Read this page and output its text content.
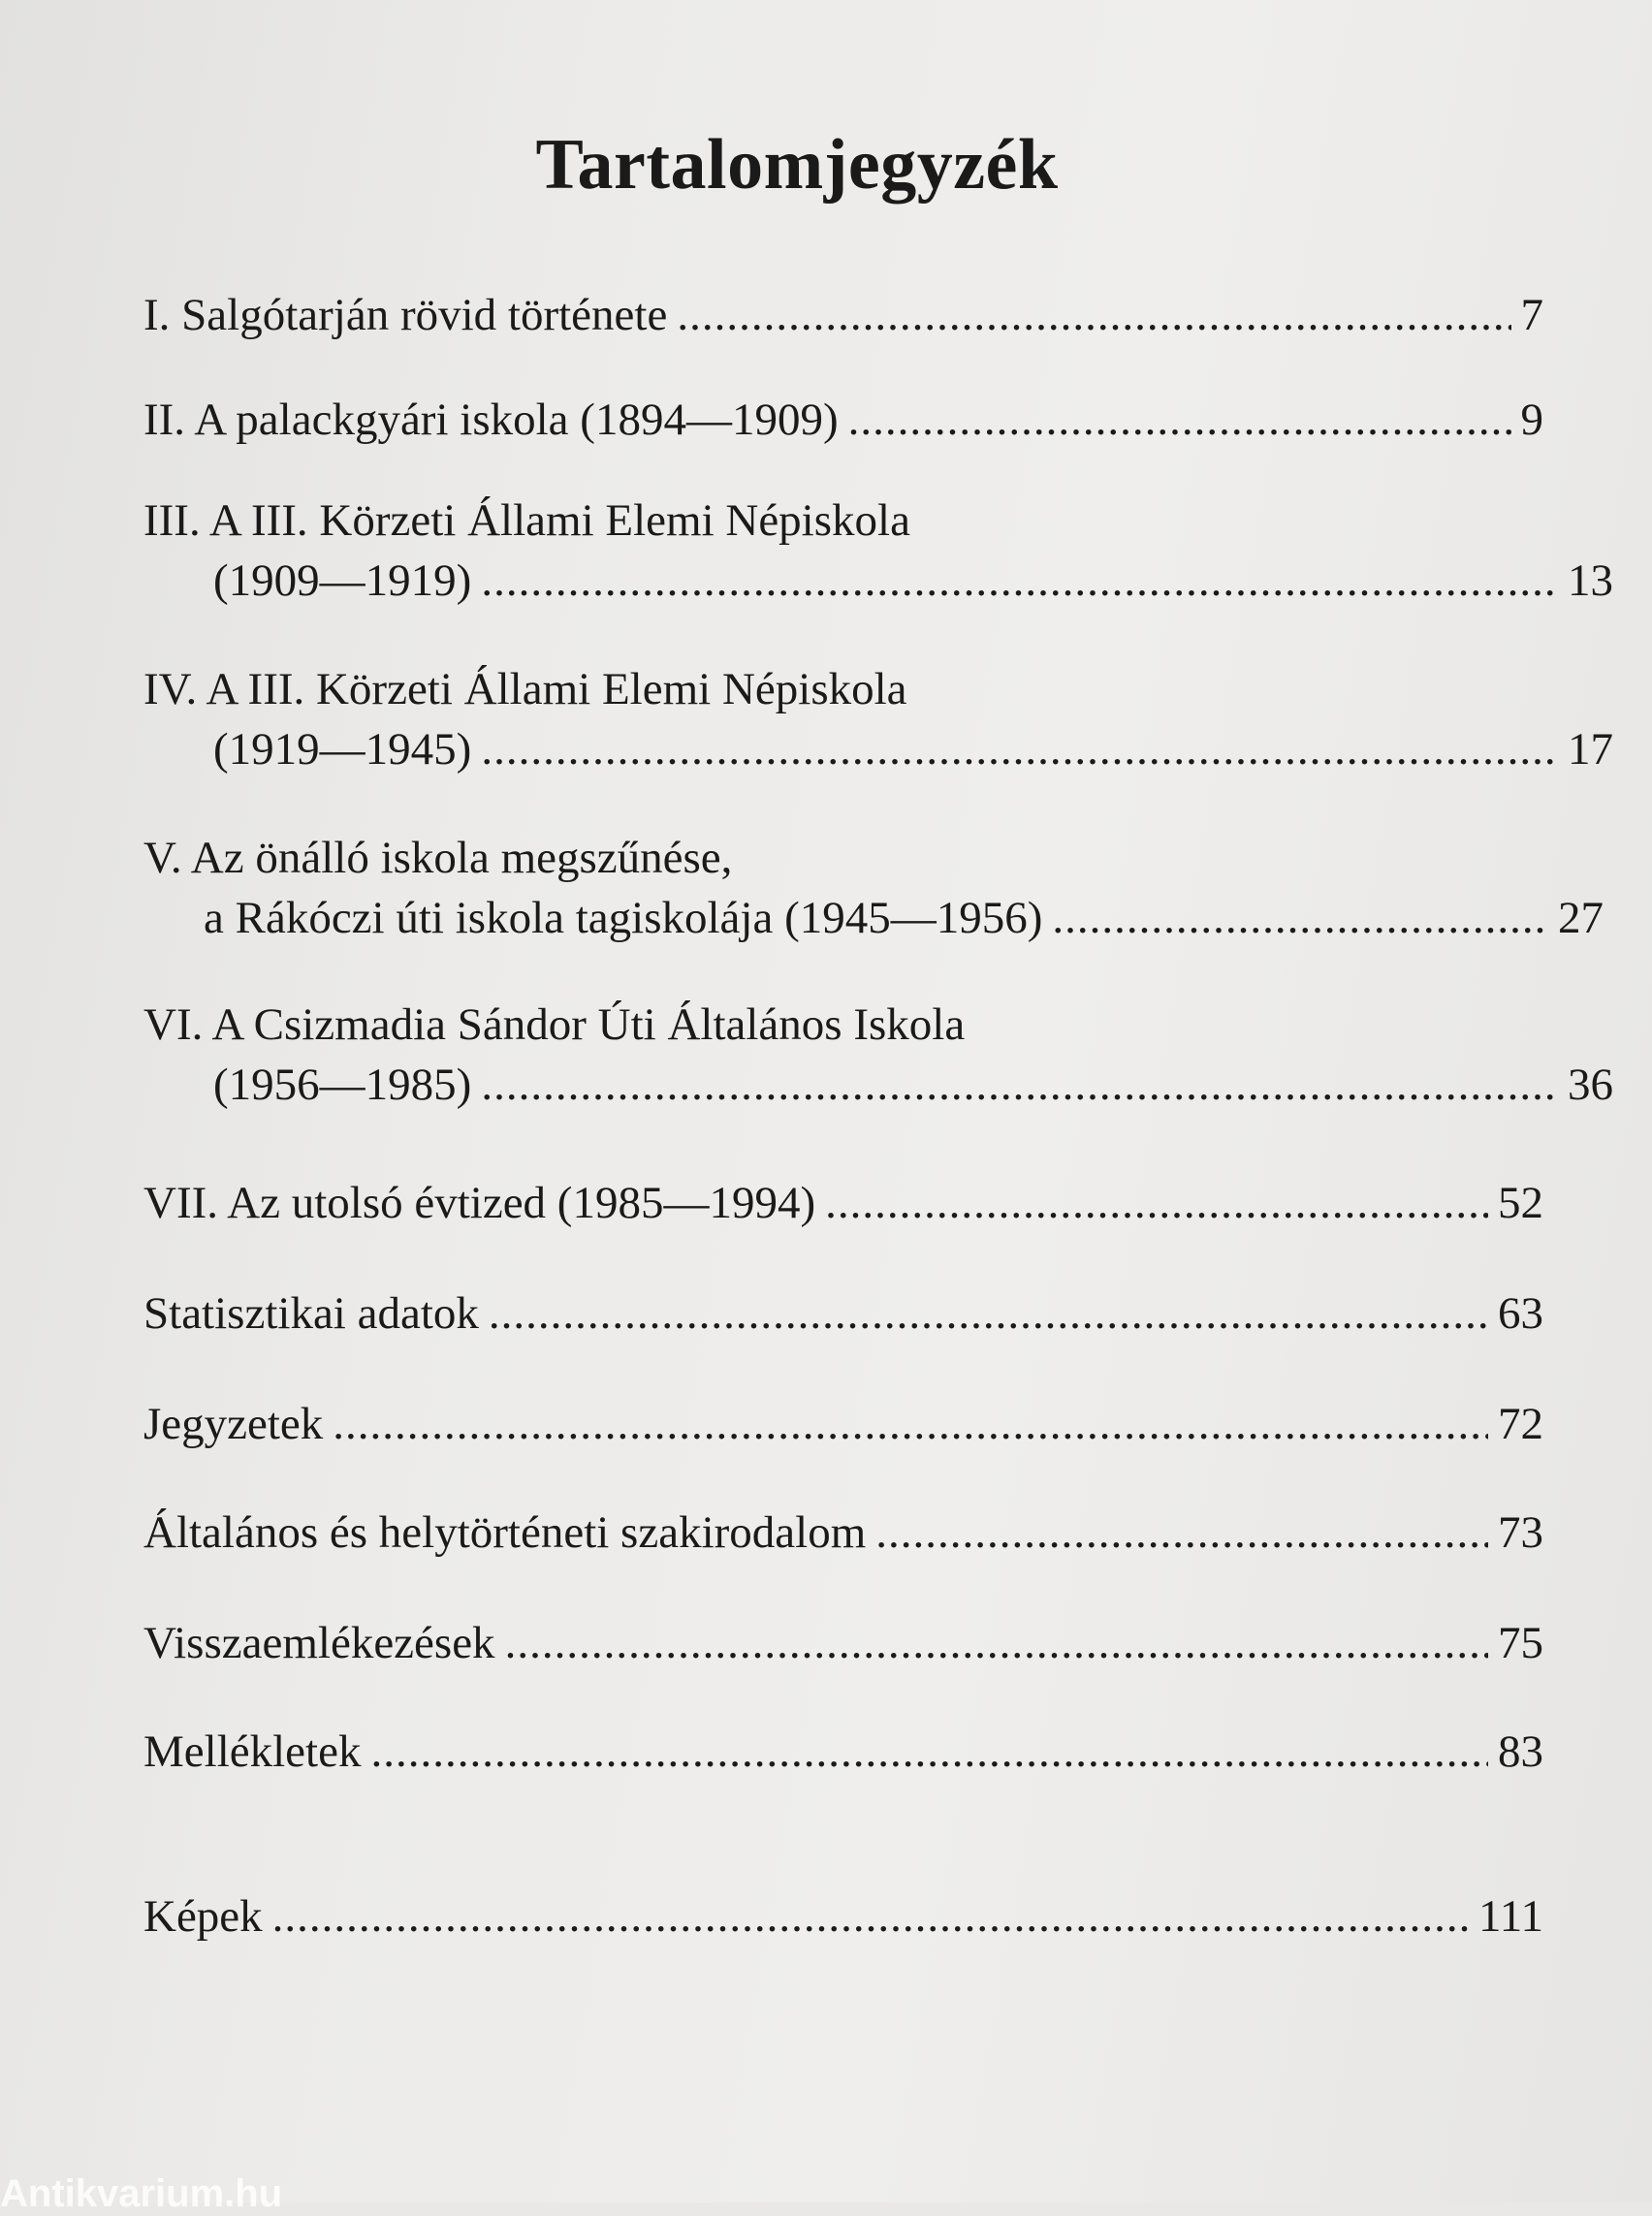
Tartalomjegyzék
I. Salgótarján rövid története .....	7
II. A palackgyári iskola (1894—1909) .....	9
III. A III. Körzeti Állami Elemi Népiskola
(1909—1919) .....	13
IV. A III. Körzeti Állami Elemi Népiskola
(1919—1945) .....	17
V. Az önálló iskola megszűnése,
a Rákóczi úti iskola tagiskolája (1945—1956) .....	27
VI. A Csizmadia Sándor Úti Általános Iskola
(1956—1985) .....	36
VII. Az utolsó évtized (1985—1994) .....	52
Statisztikai adatok .....	63
Jegyzetek .....	72
Általános és helytörténeti szakirodalom .....	73
Visszaemlékezések .....	75
Mellékletek .....	83
Képek .....	111
Antikvarium.hu
